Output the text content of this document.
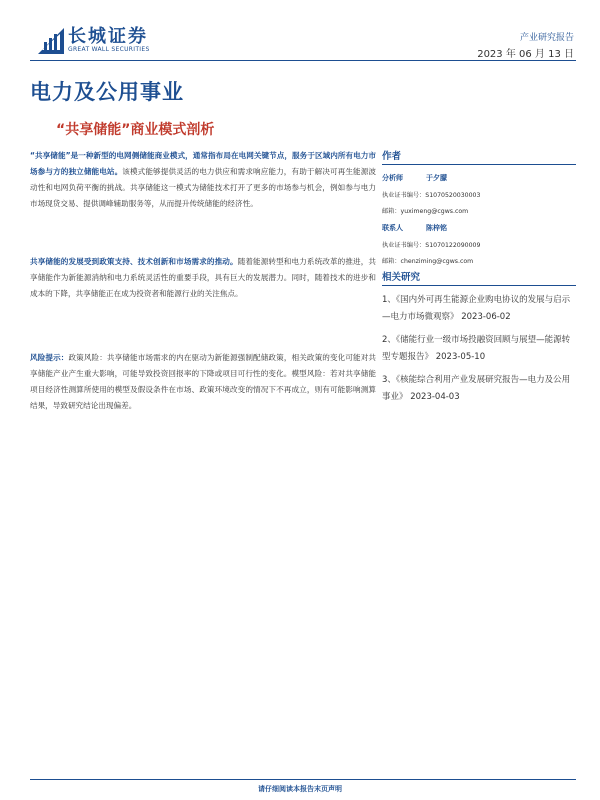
长城证券
GREAT WALL SECURITIES
产业研究报告
2023 年 06 月 13 日
电力及公用事业
“共享储能”商业模式剖析
“共享储能”是一种新型的电网侧储能商业模式，通常指布局在电网关键节点，服务于区域内所有电力市场参与方的独立储能电站。该模式能够提供灵活的电力供应和需求响应能力，有助于解决可再生能源波动性和电网负荷平衡的挑战。共享储能这一模式为储能技术打开了更多的市场参与机会，例如参与电力市场现货交易、提供调峰辅助服务等，从而提升传统储能的经济性。
共享储能的发展受到政策支持、技术创新和市场需求的推动。随着能源转型和电力系统改革的推进，共享储能作为新能源消纳和电力系统灵活性的重要手段，具有巨大的发展潜力。同时，随着技术的进步和成本的下降，共享储能正在成为投资者和能源行业的关注焦点。
风险提示：政策风险：共享储能市场需求的内在驱动为新能源强制配储政策，相关政策的变化可能对共享储能产业产生重大影响，可能导致投资回报率的下降或项目可行性的变化。模型风险：若对共享储能项目经济性测算所使用的模型及假设条件在市场、政策环境改变的情况下不再成立，则有可能影响测算结果，导致研究结论出现偏差。
作者
分析师	于夕朦
执业证书编号：S1070520030003
邮箱：yuximeng@cgws.com
联系人	陈梓铭
执业证书编号：S1070122090009
邮箱：chenziming@cgws.com
相关研究
1、《国内外可再生能源企业购电协议的发展与启示—电力市场微观察》 2023-06-02
2、《储能行业一级市场投融资回顾与展望—能源转型专题报告》 2023-05-10
3、《核能综合利用产业发展研究报告—电力及公用事业》 2023-04-03
请仔细阅读本报告末页声明
